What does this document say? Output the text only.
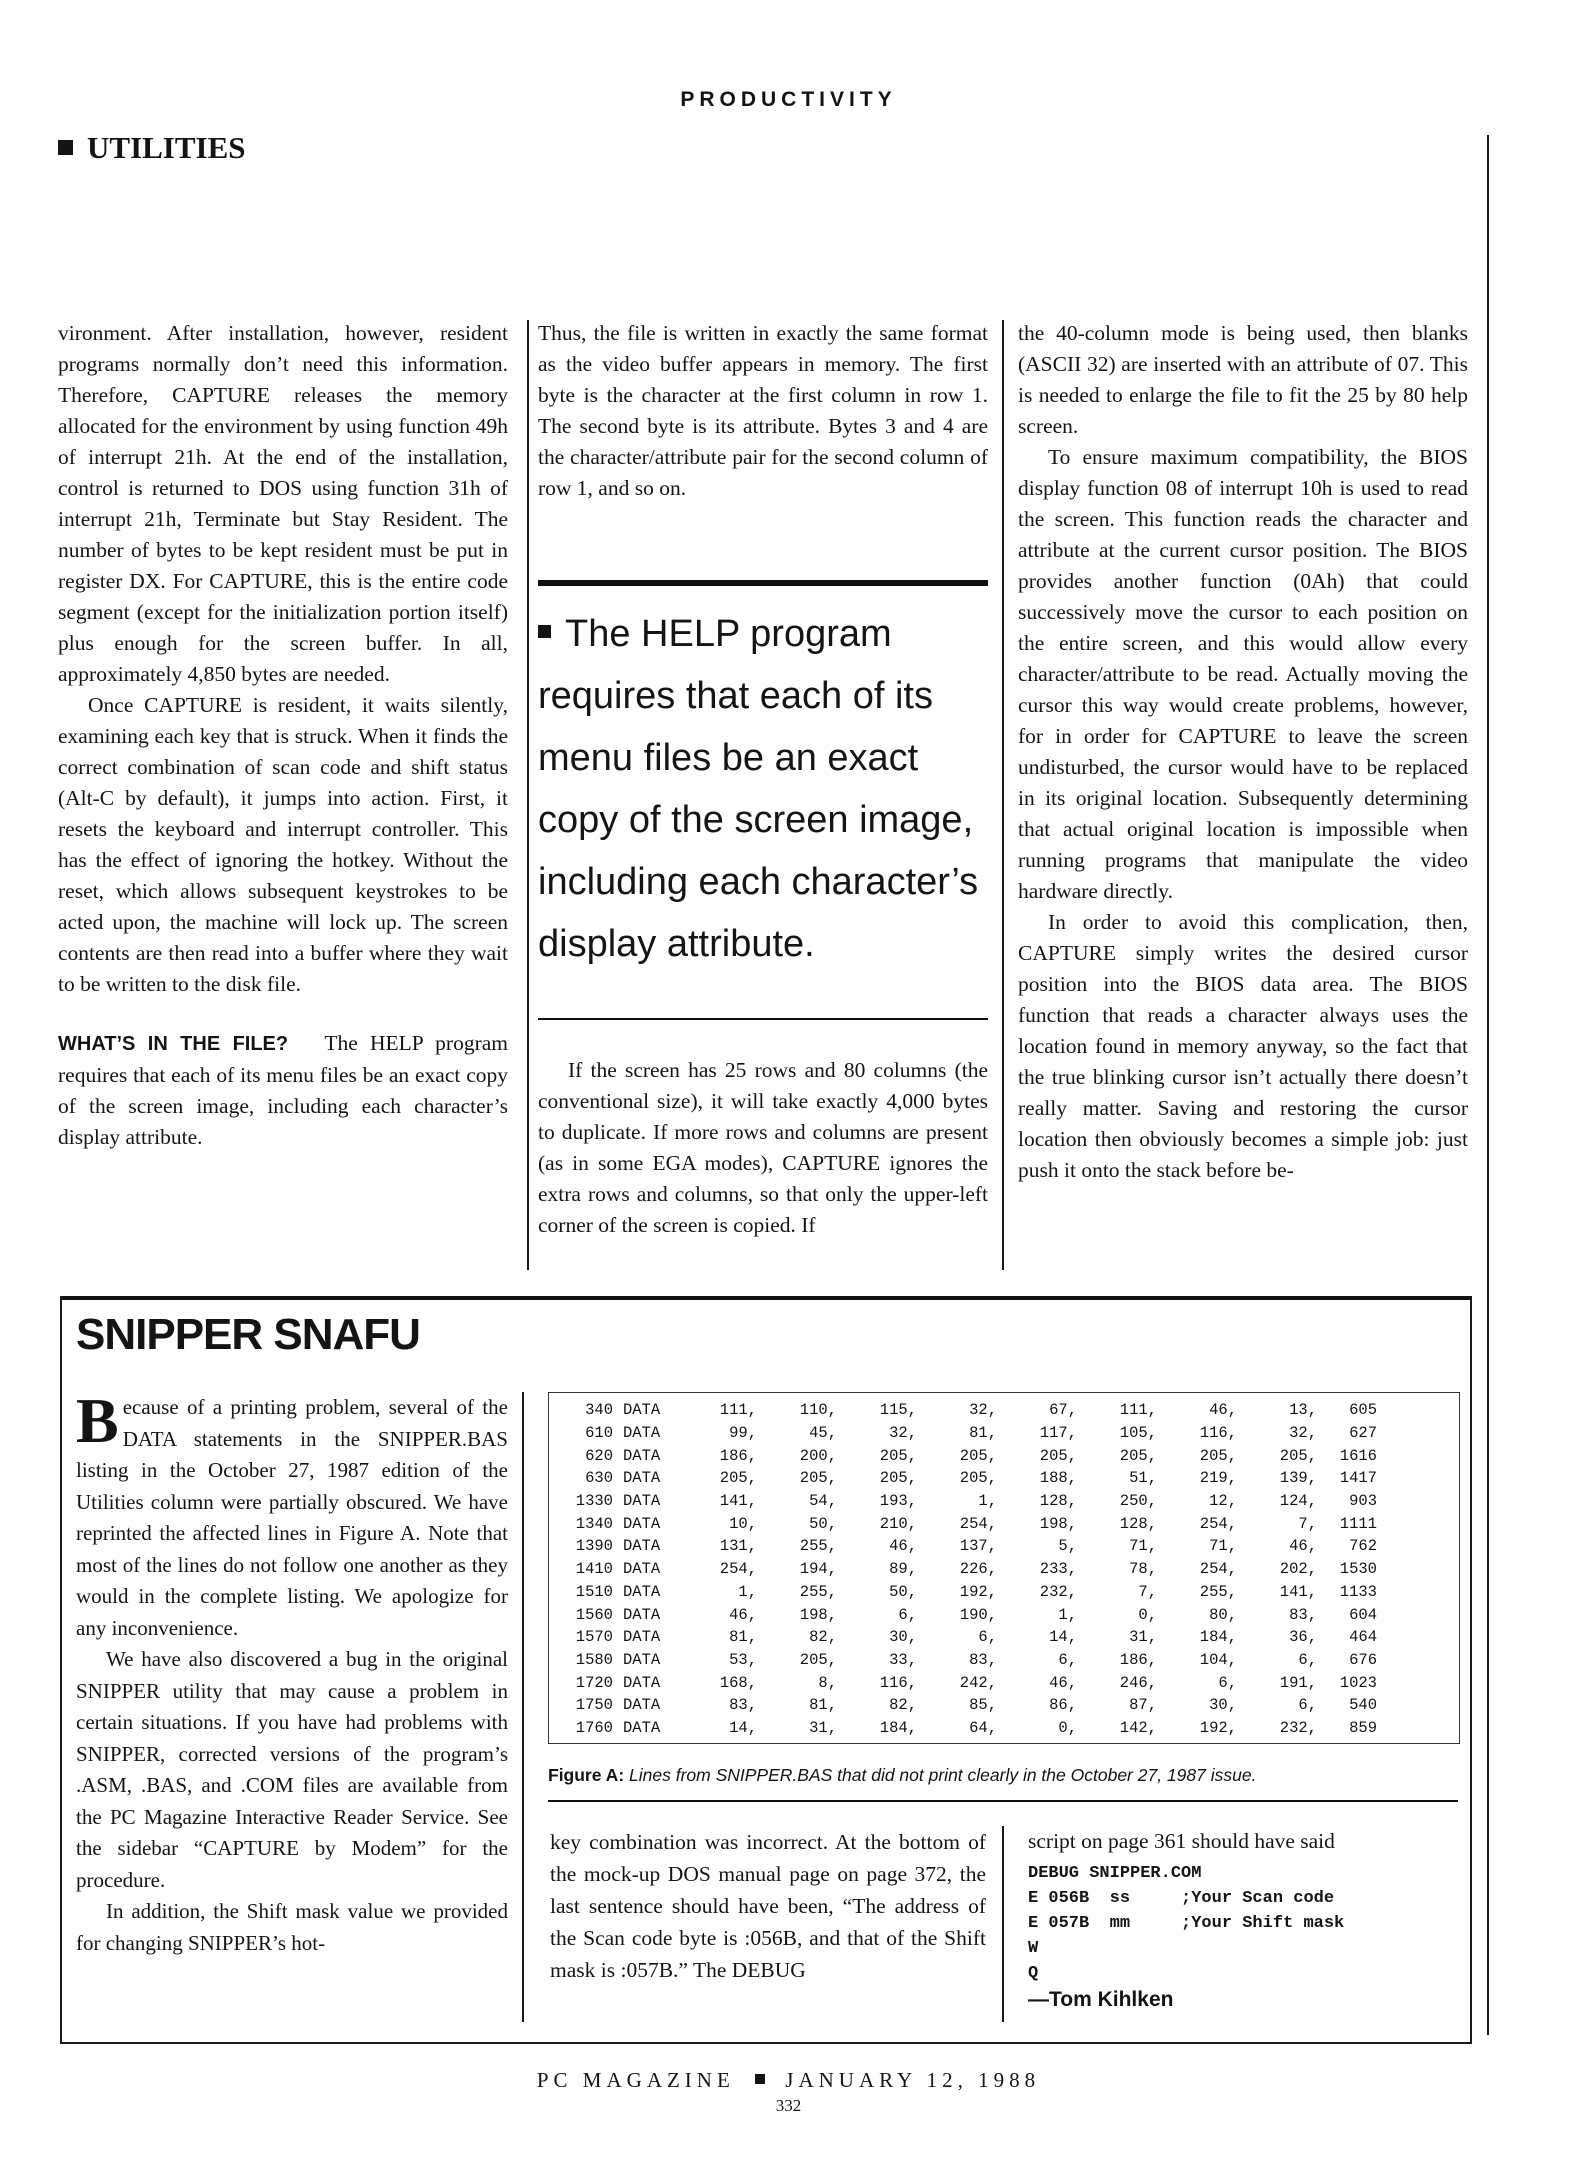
PRODUCTIVITY
UTILITIES

vironment. After installation, however, resident programs normally don’t need this information. Therefore, CAPTURE releases the memory allocated for the environment by using function 49h of interrupt 21h. At the end of the installation, control is returned to DOS using function 31h of interrupt 21h, Terminate but Stay Resident. The number of bytes to be kept resident must be put in register DX. For CAPTURE, this is the entire code segment (except for the initialization portion itself) plus enough for the screen buffer. In all, approximately 4,850 bytes are needed.

Once CAPTURE is resident, it waits silently, examining each key that is struck. When it finds the correct combination of scan code and shift status (Alt-C by default), it jumps into action. First, it resets the keyboard and interrupt controller. This has the effect of ignoring the hotkey. Without the reset, which allows subsequent keystrokes to be acted upon, the machine will lock up. The screen contents are then read into a buffer where they wait to be written to the disk file.

WHAT’S IN THE FILE? The HELP program requires that each of its menu files be an exact copy of the screen image, including each character’s display attribute.

Thus, the file is written in exactly the same format as the video buffer appears in memory. The first byte is the character at the first column in row 1. The second byte is its attribute. Bytes 3 and 4 are the character/attribute pair for the second column of row 1, and so on.

The HELP program requires that each of its menu files be an exact copy of the screen image, including each character’s display attribute.

If the screen has 25 rows and 80 columns (the conventional size), it will take exactly 4,000 bytes to duplicate. If more rows and columns are present (as in some EGA modes), CAPTURE ignores the extra rows and columns, so that only the upper-left corner of the screen is copied. If

the 40-column mode is being used, then blanks (ASCII 32) are inserted with an attribute of 07. This is needed to enlarge the file to fit the 25 by 80 help screen.

To ensure maximum compatibility, the BIOS display function 08 of interrupt 10h is used to read the screen. This function reads the character and attribute at the current cursor position. The BIOS provides another function (0Ah) that could successively move the cursor to each position on the entire screen, and this would allow every character/attribute to be read. Actually moving the cursor this way would create problems, however, for in order for CAPTURE to leave the screen undisturbed, the cursor would have to be replaced in its original location. Subsequently determining that actual original location is impossible when running programs that manipulate the video hardware directly.

In order to avoid this complication, then, CAPTURE simply writes the desired cursor position into the BIOS data area. The BIOS function that reads a character always uses the location found in memory anyway, so the fact that the true blinking cursor isn’t actually there doesn’t really matter. Saving and restoring the cursor location then obviously becomes a simple job: just push it onto the stack before be-

SNIPPER SNAFU

Because of a printing problem, several of the DATA statements in the SNIPPER.BAS listing in the October 27, 1987 edition of the Utilities column were partially obscured. We have reprinted the affected lines in Figure A. Note that most of the lines do not follow one another as they would in the complete listing. We apologize for any inconvenience.

We have also discovered a bug in the original SNIPPER utility that may cause a problem in certain situations. If you have had problems with SNIPPER, corrected versions of the program’s .ASM, .BAS, and .COM files are available from the PC Magazine Interactive Reader Service. See the sidebar “CAPTURE by Modem” for the procedure.

In addition, the Shift mask value we provided for changing SNIPPER’s hot-

340	DATA	111,	110,	115,	32,	67,	111,	46,	13,	605
610	DATA	99,	45,	32,	81,	117,	105,	116,	32,	627
620	DATA	186,	200,	205,	205,	205,	205,	205,	205,	1616
630	DATA	205,	205,	205,	205,	188,	51,	219,	139,	1417
1330	DATA	141,	54,	193,	1,	128,	250,	12,	124,	903
1340	DATA	10,	50,	210,	254,	198,	128,	254,	7,	1111
1390	DATA	131,	255,	46,	137,	5,	71,	71,	46,	762
1410	DATA	254,	194,	89,	226,	233,	78,	254,	202,	1530
1510	DATA	1,	255,	50,	192,	232,	7,	255,	141,	1133
1560	DATA	46,	198,	6,	190,	1,	0,	80,	83,	604
1570	DATA	81,	82,	30,	6,	14,	31,	184,	36,	464
1580	DATA	53,	205,	33,	83,	6,	186,	104,	6,	676
1720	DATA	168,	8,	116,	242,	46,	246,	6,	191,	1023
1750	DATA	83,	81,	82,	85,	86,	87,	30,	6,	540
1760	DATA	14,	31,	184,	64,	0,	142,	192,	232,	859
Figure A: Lines from SNIPPER.BAS that did not print clearly in the October 27, 1987 issue.

key combination was incorrect. At the bottom of the mock-up DOS manual page on page 372, the last sentence should have been, “The address of the Scan code byte is :056B, and that of the Shift mask is :057B.” The DEBUG

script on page 361 should have said
DEBUG SNIPPER.COM
E 056B  ss     ;Your Scan code
E 057B  mm     ;Your Shift mask
W
Q
—Tom Kihlken
PC MAGAZINE JANUARY 12, 1988
332
